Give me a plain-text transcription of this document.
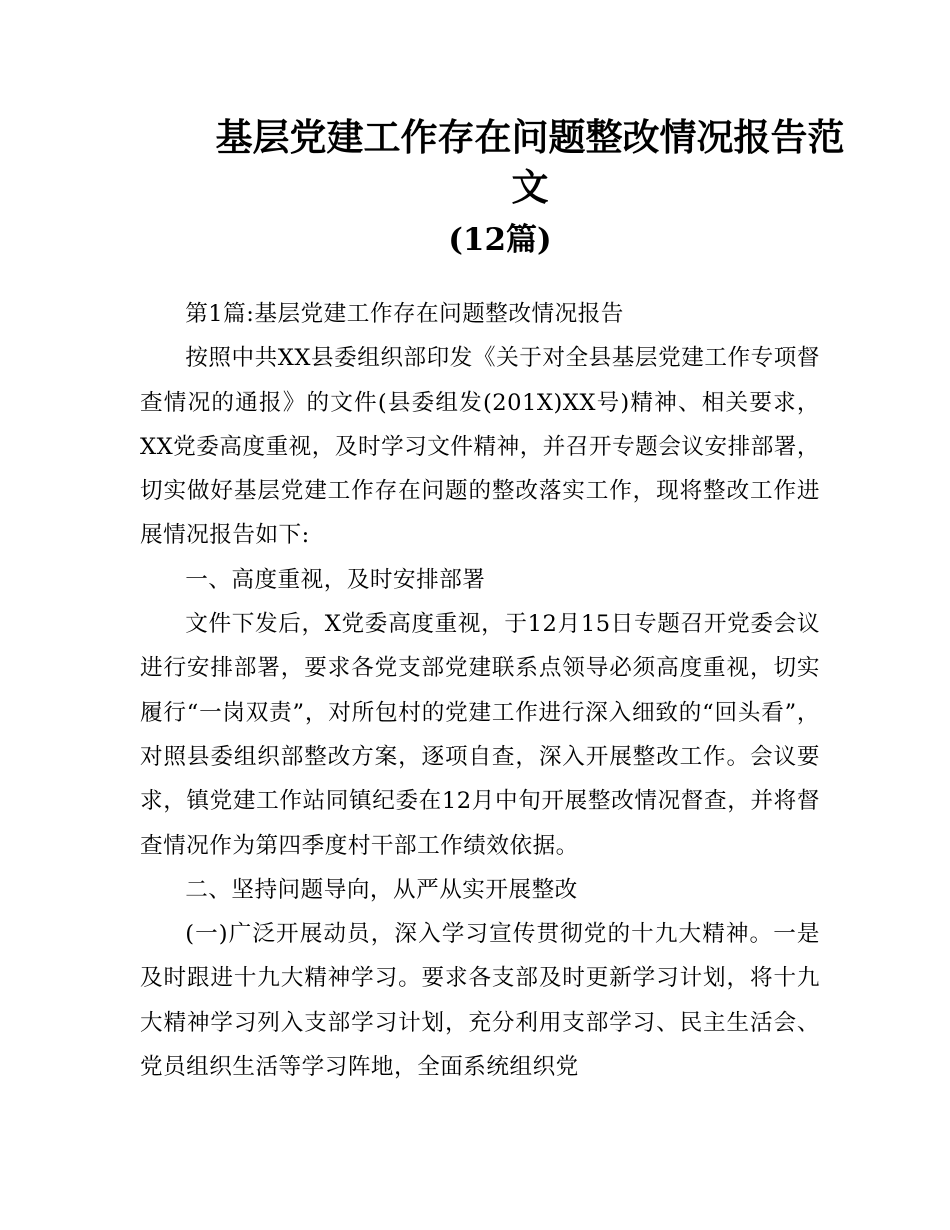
基层党建工作存在问题整改情况报告范文
(12篇)

第1篇:基层党建工作存在问题整改情况报告

按照中共XX县委组织部印发《关于对全县基层党建工作专项督查情况的通报》的文件(县委组发(201X)XX号)精神、相关要求，XX党委高度重视，及时学习文件精神，并召开专题会议安排部署，切实做好基层党建工作存在问题的整改落实工作，现将整改工作进展情况报告如下:

一、高度重视，及时安排部署

文件下发后，X党委高度重视，于12月15日专题召开党委会议进行安排部署，要求各党支部党建联系点领导必须高度重视，切实履行“一岗双责”，对所包村的党建工作进行深入细致的“回头看”，对照县委组织部整改方案，逐项自查，深入开展整改工作。会议要求，镇党建工作站同镇纪委在12月中旬开展整改情况督查，并将督查情况作为第四季度村干部工作绩效依据。

二、坚持问题导向，从严从实开展整改

(一)广泛开展动员，深入学习宣传贯彻党的十九大精神。一是及时跟进十九大精神学习。要求各支部及时更新学习计划，将十九大精神学习列入支部学习计划，充分利用支部学习、民主生活会、党员组织生活等学习阵地，全面系统组织党
